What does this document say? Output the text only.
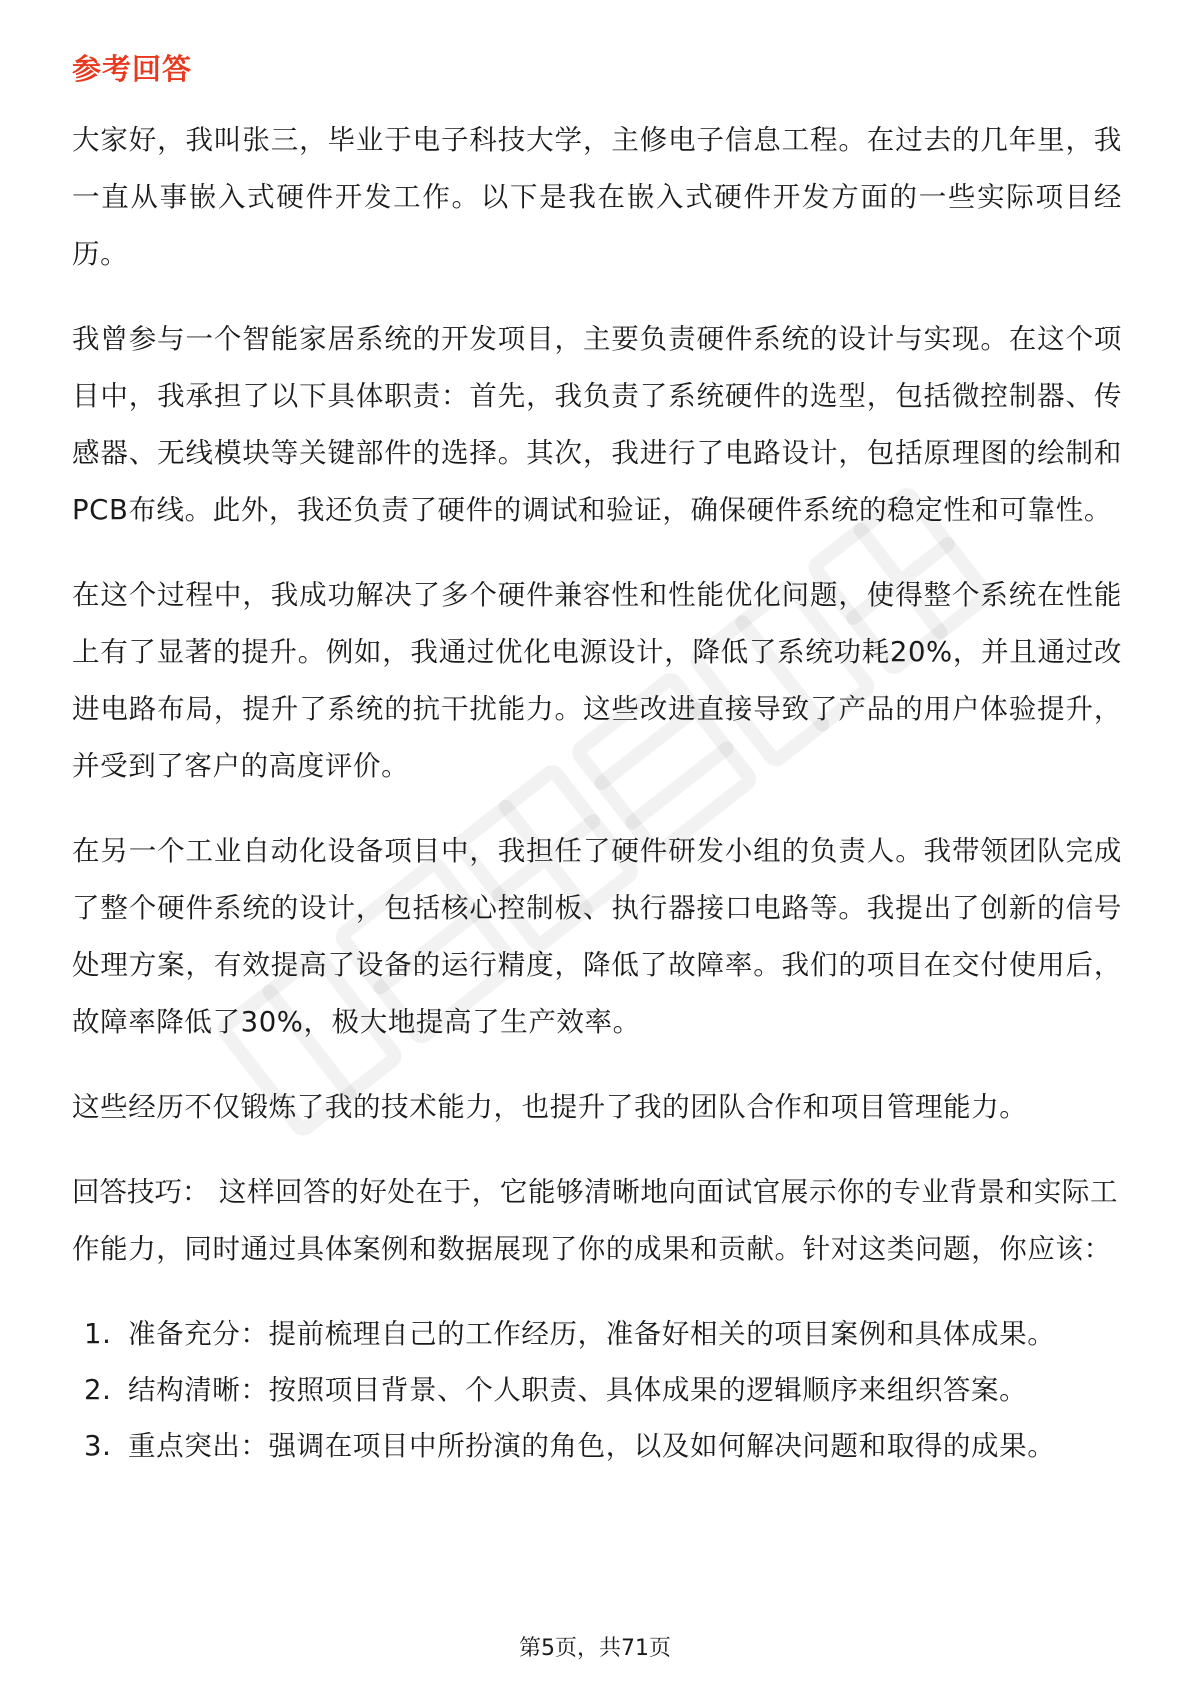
参考回答

大家好，我叫张三，毕业于电子科技大学，主修电子信息工程。在过去的几年里，我一直从事嵌入式硬件开发工作。以下是我在嵌入式硬件开发方面的一些实际项目经历。

我曾参与一个智能家居系统的开发项目，主要负责硬件系统的设计与实现。在这个项目中，我承担了以下具体职责：首先，我负责了系统硬件的选型，包括微控制器、传感器、无线模块等关键部件的选择。其次，我进行了电路设计，包括原理图的绘制和PCB布线。此外，我还负责了硬件的调试和验证，确保硬件系统的稳定性和可靠性。

在这个过程中，我成功解决了多个硬件兼容性和性能优化问题，使得整个系统在性能上有了显著的提升。例如，我通过优化电源设计，降低了系统功耗20%，并且通过改进电路布局，提升了系统的抗干扰能力。这些改进直接导致了产品的用户体验提升，并受到了客户的高度评价。

在另一个工业自动化设备项目中，我担任了硬件研发小组的负责人。我带领团队完成了整个硬件系统的设计，包括核心控制板、执行器接口电路等。我提出了创新的信号处理方案，有效提高了设备的运行精度，降低了故障率。我们的项目在交付使用后，故障率降低了30%，极大地提高了生产效率。

这些经历不仅锻炼了我的技术能力，也提升了我的团队合作和项目管理能力。

回答技巧： 这样回答的好处在于，它能够清晰地向面试官展示你的专业背景和实际工作能力，同时通过具体案例和数据展现了你的成果和贡献。针对这类问题，你应该：
1. 准备充分：提前梳理自己的工作经历，准备好相关的项目案例和具体成果。
2. 结构清晰：按照项目背景、个人职责、具体成果的逻辑顺序来组织答案。
3. 重点突出：强调在项目中所扮演的角色，以及如何解决问题和取得的成果。
第5页，共71页
